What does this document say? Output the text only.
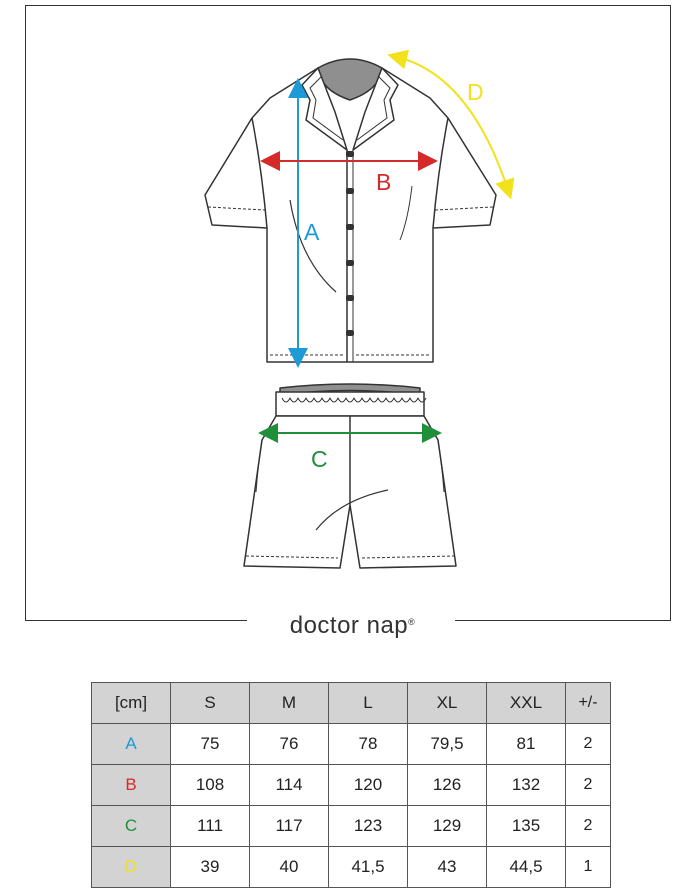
A
B
C
D
doctor nap®
[cm]	S	M	L	XL	XXL	+/-
A	75	76	78	79,5	81	2
B	108	114	120	126	132	2
C	111	117	123	129	135	2
D	39	40	41,5	43	44,5	1
